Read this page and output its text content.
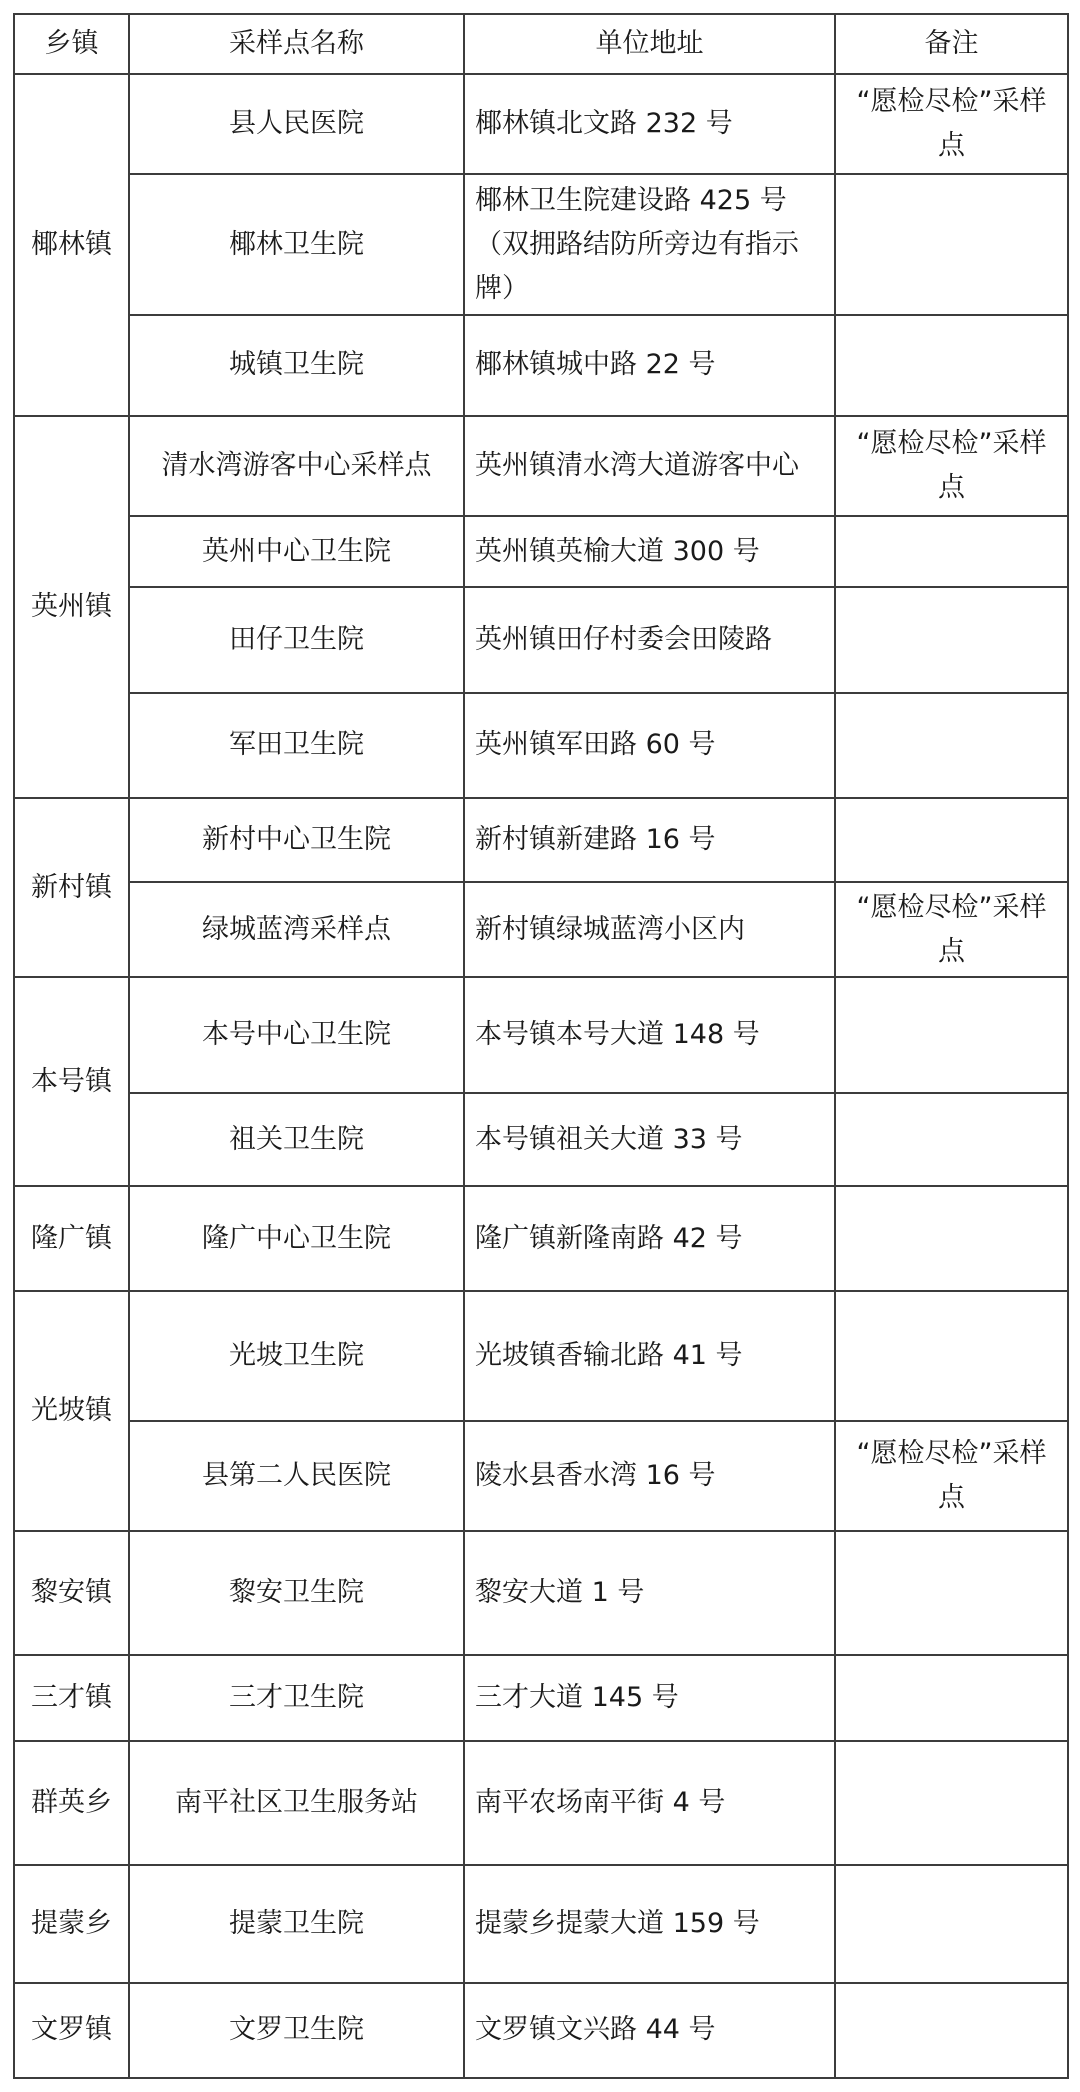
乡镇	采样点名称	单位地址	备注
椰林镇	县人民医院	椰林镇北文路 232 号	“愿检尽检”采样点
	椰林卫生院	椰林卫生院建设路 425 号（双拥路结防所旁边有指示牌）	
	城镇卫生院	椰林镇城中路 22 号	
英州镇	清水湾游客中心采样点	英州镇清水湾大道游客中心	“愿检尽检”采样点
	英州中心卫生院	英州镇英榆大道 300 号	
	田仔卫生院	英州镇田仔村委会田陵路	
	军田卫生院	英州镇军田路 60 号	
新村镇	新村中心卫生院	新村镇新建路 16 号	
	绿城蓝湾采样点	新村镇绿城蓝湾小区内	“愿检尽检”采样点
本号镇	本号中心卫生院	本号镇本号大道 148 号	
	祖关卫生院	本号镇祖关大道 33 号	
隆广镇	隆广中心卫生院	隆广镇新隆南路 42 号	
光坡镇	光坡卫生院	光坡镇香输北路 41 号	
	县第二人民医院	陵水县香水湾 16 号	“愿检尽检”采样点
黎安镇	黎安卫生院	黎安大道 1 号	
三才镇	三才卫生院	三才大道 145 号	
群英乡	南平社区卫生服务站	南平农场南平街 4 号	
提蒙乡	提蒙卫生院	提蒙乡提蒙大道 159 号	
文罗镇	文罗卫生院	文罗镇文兴路 44 号	
